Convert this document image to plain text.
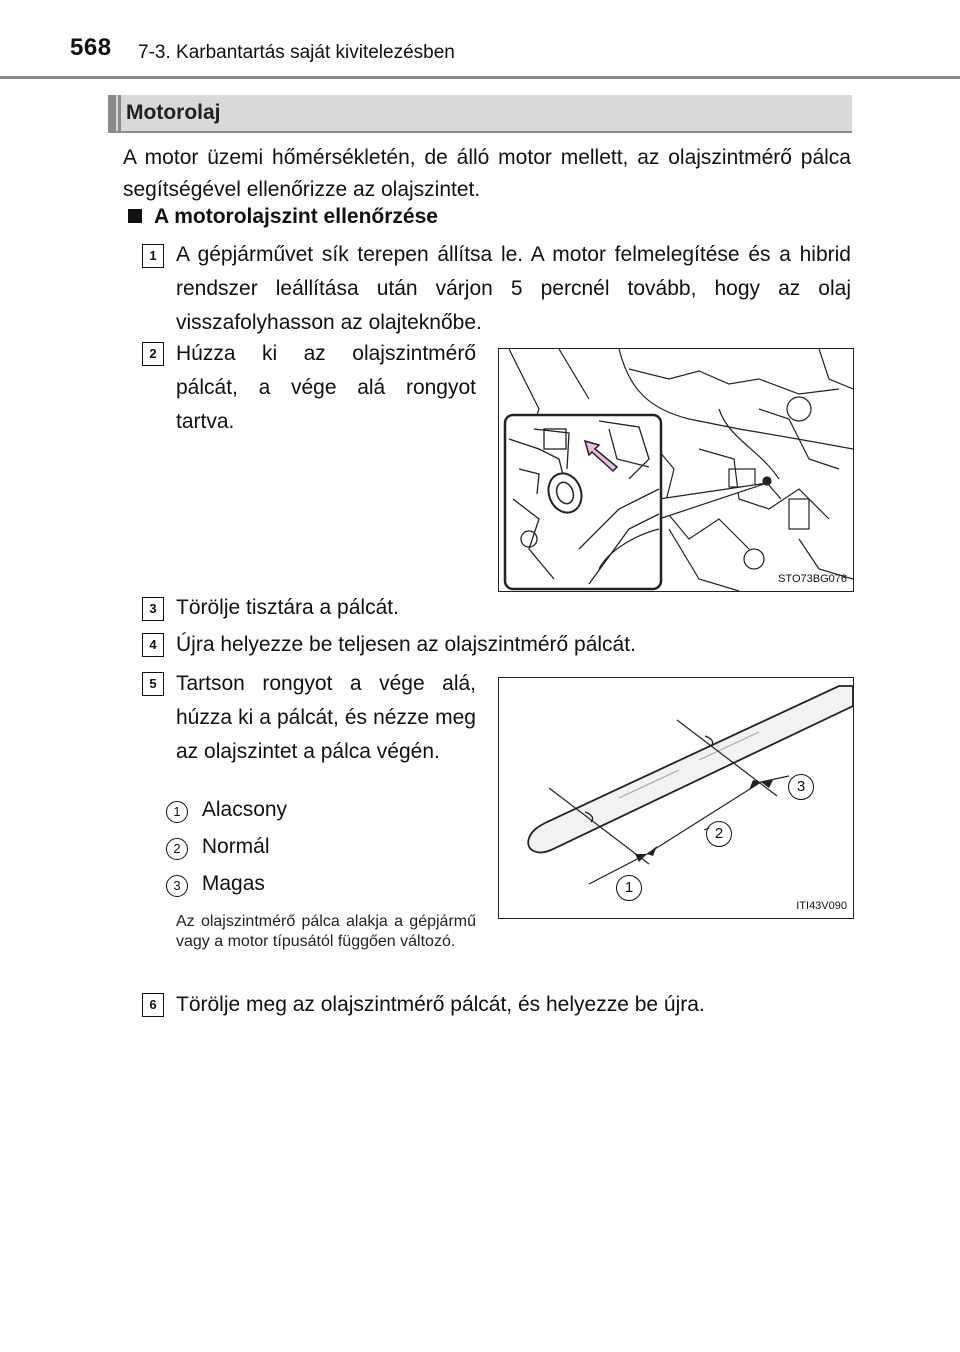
568 7-3. Karbantartás saját kivitelezésben
Motorolaj
A motor üzemi hőmérsékletén, de álló motor mellett, az olajszintmérő pálca segítségével ellenőrizze az olajszintet.
A motorolajszint ellenőrzése
1 A gépjárművet sík terepen állítsa le. A motor felmelegítése és a hibrid rendszer leállítása után várjon 5 percnél tovább, hogy az olaj visszafolyhasson az olajteknőbe.
2 Húzza ki az olajszintmérő pálcát, a vége alá rongyot tartva.
STO73BG076
3 Törölje tisztára a pálcát.
4 Újra helyezze be teljesen az olajszintmérő pálcát.
5 Tartson rongyot a vége alá, húzza ki a pálcát, és nézze meg az olajszintet a pálca végén.
1 Alacsony
2 Normál
3 Magas
Az olajszintmérő pálca alakja a gépjármű vagy a motor típusától függően változó.
1
2
3
ITI43V090
6 Törölje meg az olajszintmérő pálcát, és helyezze be újra.
